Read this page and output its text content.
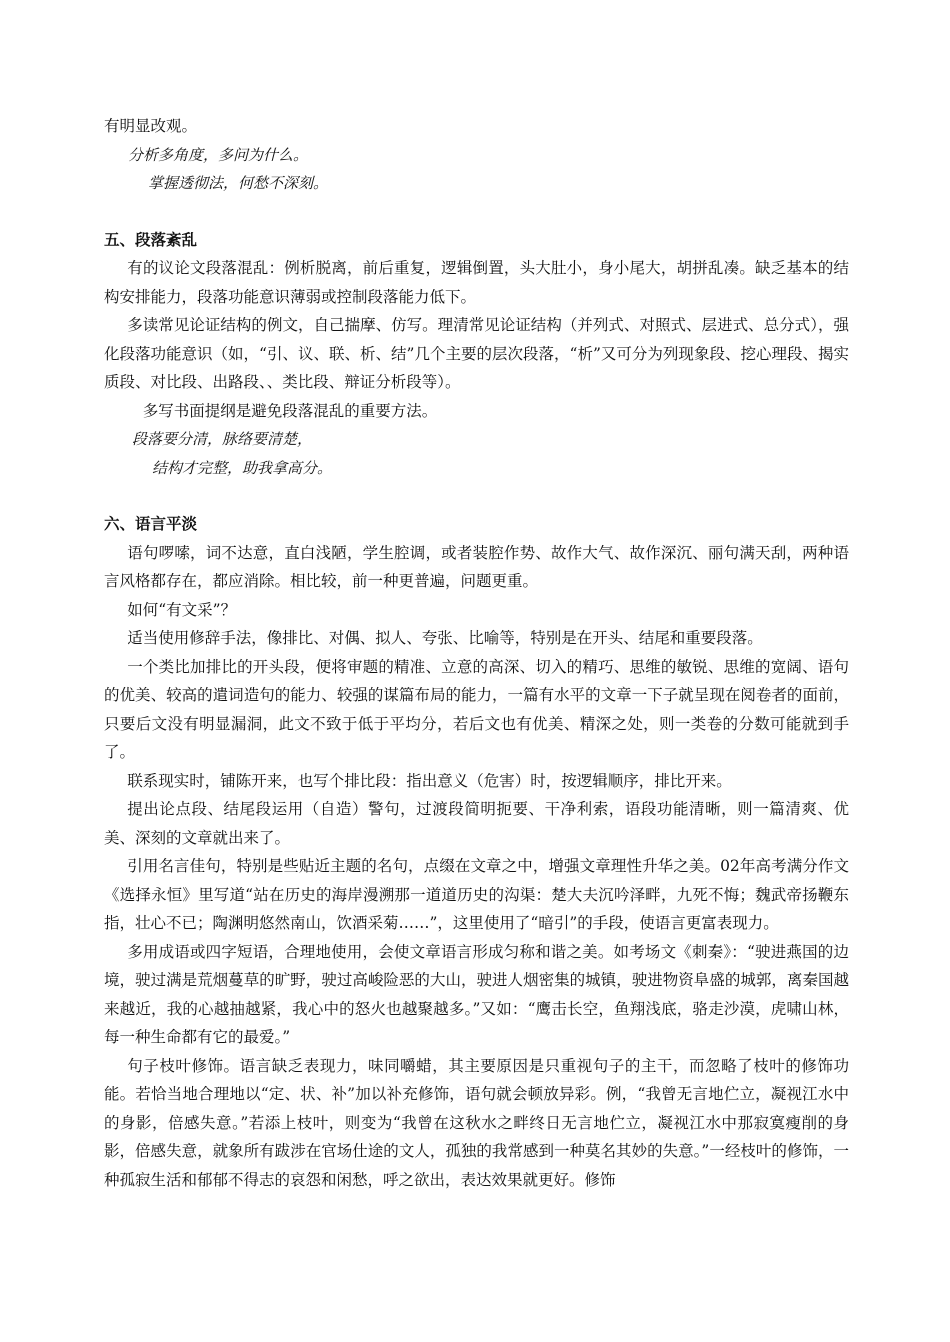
有明显改观。

分析多角度，多问为什么。

掌握透彻法，何愁不深刻。

五、段落紊乱

有的议论文段落混乱：例析脱离，前后重复，逻辑倒置，头大肚小，身小尾大，胡拼乱凑。缺乏基本的结构安排能力，段落功能意识薄弱或控制段落能力低下。

多读常见论证结构的例文，自己揣摩、仿写。理清常见论证结构（并列式、对照式、层进式、总分式），强化段落功能意识（如，“引、议、联、析、结”几个主要的层次段落，“析”又可分为列现象段、挖心理段、揭实质段、对比段、出路段、、类比段、辩证分析段等）。

多写书面提纲是避免段落混乱的重要方法。

段落要分清，脉络要清楚，

结构才完整，助我拿高分。

六、语言平淡

语句啰嗦，词不达意，直白浅陋，学生腔调，或者装腔作势、故作大气、故作深沉、丽句满天刮，两种语言风格都存在，都应消除。相比较，前一种更普遍，问题更重。

如何“有文采”？

适当使用修辞手法，像排比、对偶、拟人、夸张、比喻等，特别是在开头、结尾和重要段落。

一个类比加排比的开头段，便将审题的精准、立意的高深、切入的精巧、思维的敏锐、思维的宽阔、语句的优美、较高的遣词造句的能力、较强的谋篇布局的能力，一篇有水平的文章一下子就呈现在阅卷者的面前，只要后文没有明显漏洞，此文不致于低于平均分，若后文也有优美、精深之处，则一类卷的分数可能就到手了。

联系现实时，铺陈开来，也写个排比段：指出意义（危害）时，按逻辑顺序，排比开来。

提出论点段、结尾段运用（自造）警句，过渡段简明扼要、干净利索，语段功能清晰，则一篇清爽、优美、深刻的文章就出来了。

引用名言佳句，特别是些贴近主题的名句，点缀在文章之中，增强文章理性升华之美。02年高考满分作文《选择永恒》里写道“站在历史的海岸漫溯那一道道历史的沟渠：楚大夫沉吟泽畔，九死不悔；魏武帝扬鞭东指，壮心不已；陶渊明悠然南山，饮酒采菊……”，这里使用了“暗引”的手段，使语言更富表现力。

多用成语或四字短语，合理地使用，会使文章语言形成匀称和谐之美。如考场文《刺秦》：“驶进燕国的边境，驶过满是荒烟蔓草的旷野，驶过高峻险恶的大山，驶进人烟密集的城镇，驶进物资阜盛的城郭，离秦国越来越近，我的心越抽越紧，我心中的怒火也越聚越多。”又如：“鹰击长空，鱼翔浅底，骆走沙漠，虎啸山林，每一种生命都有它的最爱。”

句子枝叶修饰。语言缺乏表现力，味同嚼蜡，其主要原因是只重视句子的主干，而忽略了枝叶的修饰功能。若恰当地合理地以“定、状、补”加以补充修饰，语句就会顿放异彩。例，“我曾无言地伫立，凝视江水中的身影，倍感失意。”若添上枝叶，则变为“我曾在这秋水之畔终日无言地伫立，凝视江水中那寂寞瘦削的身影，倍感失意，就象所有跋涉在官场仕途的文人，孤独的我常感到一种莫名其妙的失意。”一经枝叶的修饰，一种孤寂生活和郁郁不得志的哀怨和闲愁，呼之欲出，表达效果就更好。修饰
